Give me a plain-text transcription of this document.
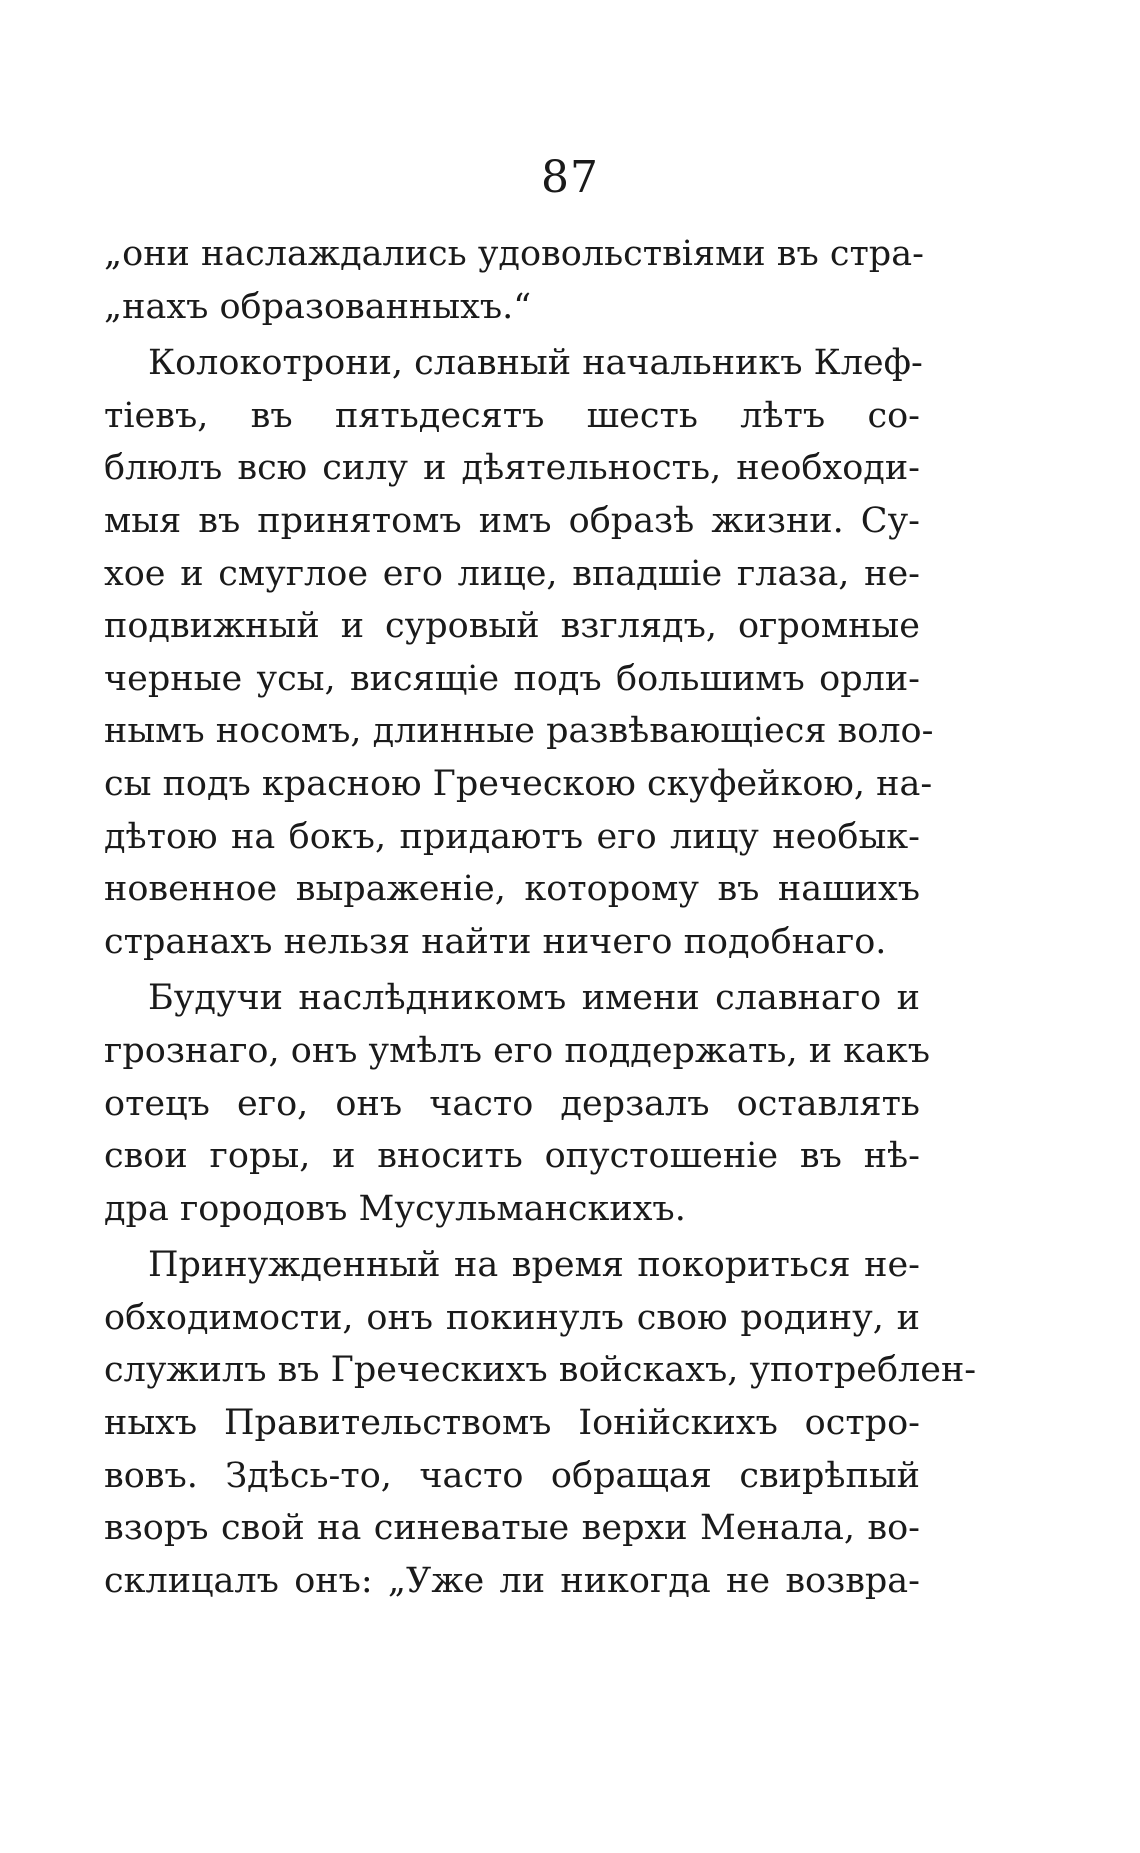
87
„они наслаждались удовольствіями въ стра-
„нахъ образованныхъ.“
Колокотрони, славный начальникъ Клеф-
тіевъ, въ пятьдесятъ шесть лѣтъ со-
блюлъ всю силу и дѣятельность, необходи-
мыя въ принятомъ имъ образѣ жизни. Су-
хое и смуглое его лице, впадшіе глаза, не-
подвижный и суровый взглядъ, огромные
черные усы, висящіе подъ большимъ орли-
нымъ носомъ, длинные развѣвающіеся воло-
сы подъ красною Греческою скуфейкою, на-
дѣтою на бокъ, придаютъ его лицу необык-
новенное выраженіе, которому въ нашихъ
странахъ нельзя найти ничего подобнаго.
Будучи наслѣдникомъ имени славнаго и
грознаго, онъ умѣлъ его поддержать, и какъ
отецъ его, онъ часто дерзалъ оставлять
свои горы, и вносить опустошеніе въ нѣ-
дра городовъ Мусульманскихъ.
Принужденный на время покориться не-
обходимости, онъ покинулъ свою родину, и
служилъ въ Греческихъ войскахъ, употреблен-
ныхъ Правительствомъ Іонійскихъ остро-
вовъ. Здѣсь-то, часто обращая свирѣпый
взоръ свой на синеватые верхи Менала, во-
склицалъ онъ: „Уже ли никогда не возвра-
